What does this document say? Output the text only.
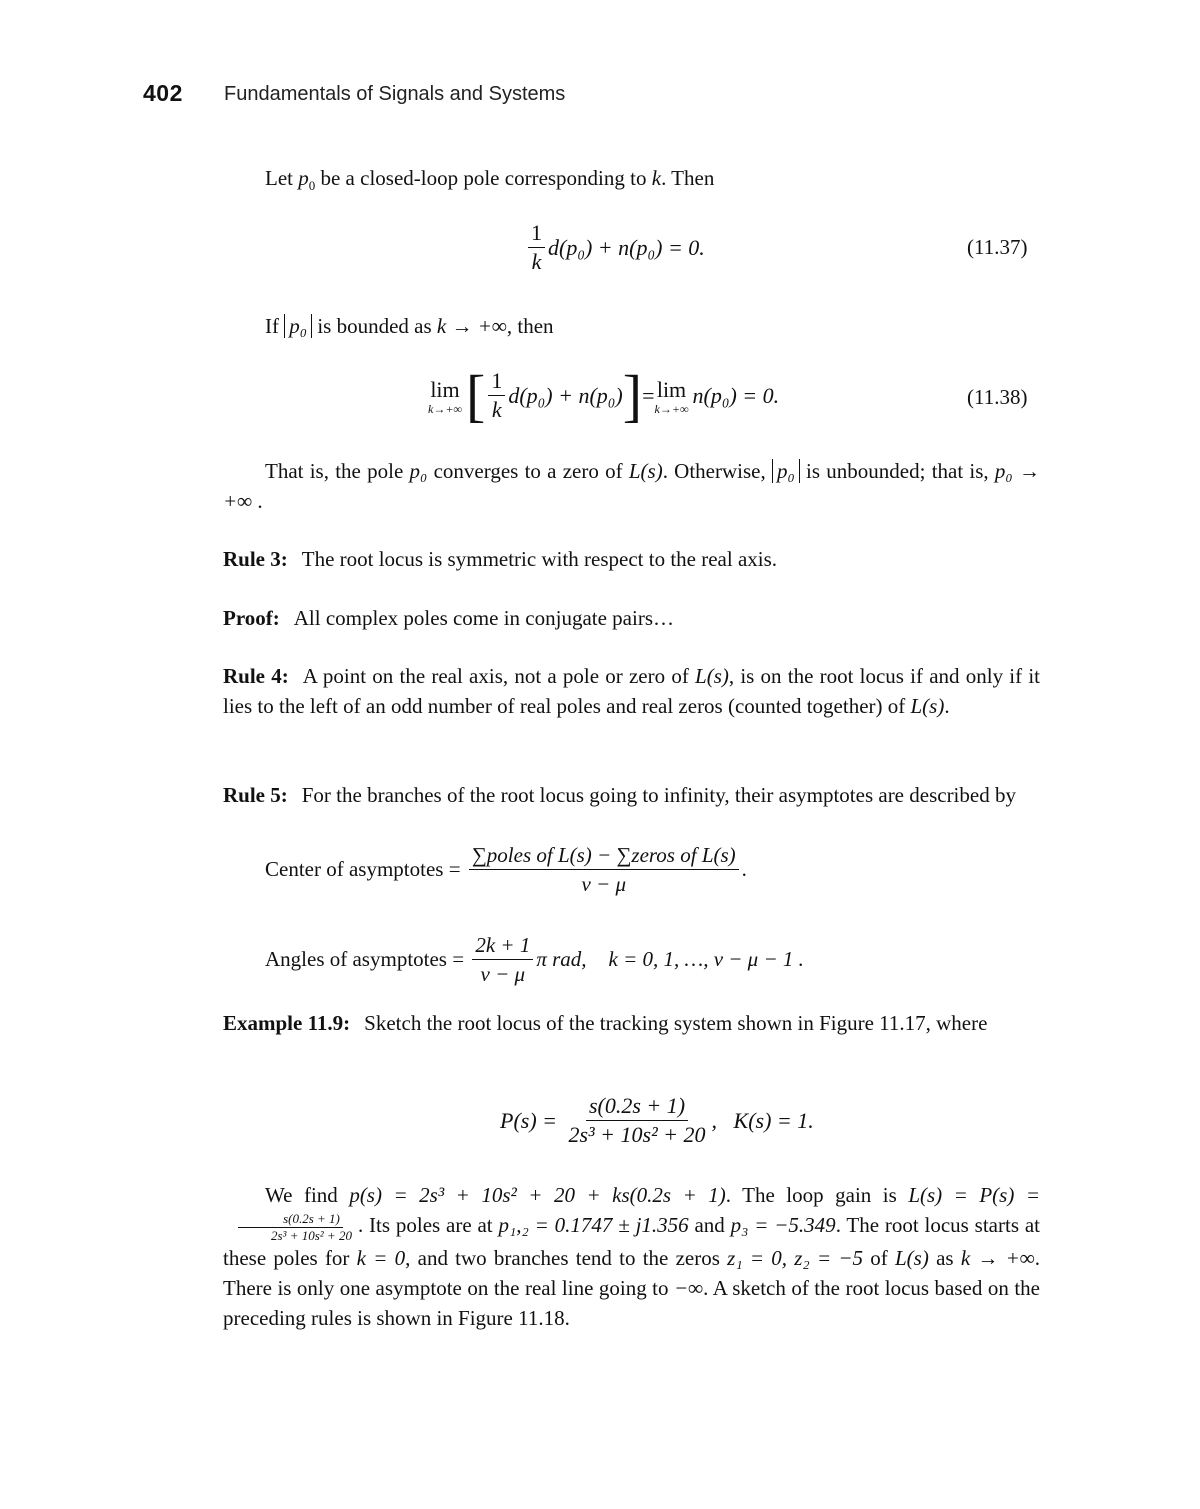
402 Fundamentals of Signals and Systems
Let $p_0$ be a closed-loop pole corresponding to k. Then
$\frac{1}{k} d(p_0) + n(p_0) = 0$.	(11.37)
If p₀ is bounded as k → +∞, then
lim
k→+∞ [ $\frac{1}{k} d(p_0) + n(p_0)$ ] = lim
k→+∞
n(p₀) = 0.	(11.38)
That is, the pole p₀ converges to a zero of L(s). Otherwise, p₀ is unbounded; that is, p₀ → +∞ .
Rule 3: The root locus is symmetric with respect to the real axis.
Proof: All complex poles come in conjugate pairs…
Rule 4: A point on the real axis, not a pole or zero of L(s), is on the root locus if and only if it lies to the left of an odd number of real poles and real zeros (counted together) of L(s).
Rule 5: For the branches of the root locus going to infinity, their asymptotes are described by
Center of asymptotes = $\frac{\text{∑poles of L(s) − ∑zeros of L(s)}}{\nu - \mu}$ .
Angles of asymptotes = $\frac{2k + 1}{\nu - \mu}$ π rad, k = 0, 1, …, ν − μ − 1 .
Example 11.9: Sketch the root locus of the tracking system shown in Figure 11.17, where
$P(s) = \frac{s(0.2s + 1)}{\text{2s³ + 10s² + 20}}$ ,   K(s) = 1.
We find p(s) = 2s³ + 10s² + 20 + ks(0.2s + 1). The loop gain is L(s) = P(s) =
$\frac{s(0.2s + 1)}{\text{2s³ + 10s² + 20}}$ . Its poles are at p₁,₂ = 0.1747 ± j1.356 and p₃ = −5.349. The root locus starts at these poles for k = 0, and two branches tend to the zeros z₁ = 0, z₂ = −5 of L(s) as k → +∞. There is only one asymptote on the real line going to −∞. A sketch of the root locus based on the preceding rules is shown in Figure 11.18.
